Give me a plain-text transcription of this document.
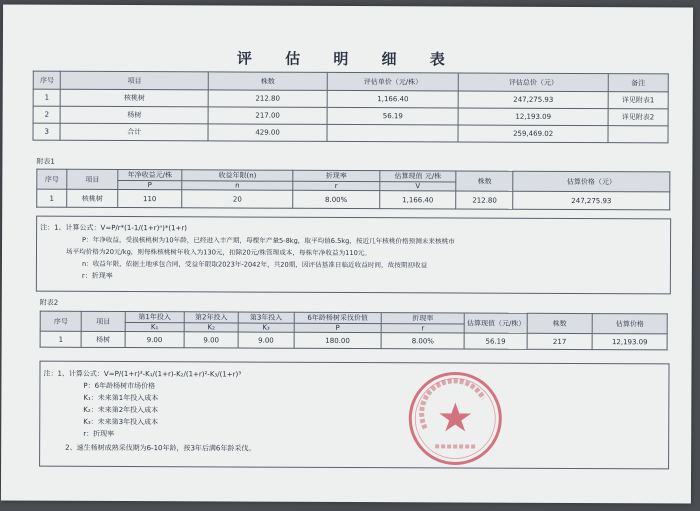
评 估 明 细 表
序号	项目	株数	评估单价（元/株）	评估总价（元）	备注
1	核桃树	212.80	1,166.40	247,275.93	详见附表1
2	杨树	217.00	56.19	12,193.09	详见附表2
3	合计	429.00		259,469.02	
附表1
序号	项目	年净收益元/株	收益年限(n)	折现率	估算现值 元/株	株数	估算价格（元）
		P	n	r	V		
1	核桃树	110	20	8.00%	1,166.40	212.80	247,275.93
注：1、计算公式：V=P/r*(1-1/(1+r)ⁿ)*(1+r)
P：年净收益，受损核桃树为10年龄，已经进入丰产期，每棵年产量5-8kg，取平均值6.5kg，按近几年核桃价格预测未来核桃市
场平均价格为20元/kg，则每株核桃树年收入为130元，扣除20元/株管理成本，每株年净收益为110元。
n：收益年限，依据土地承包合同，受益年限取2023年-2042年，共20期，因评估基准日临近收益时间，故按期初收益
r：折现率
附表2
序号	项目	第1年投入	第2年投入	第3年投入	6年龄杨树采伐价值	折现率	估算现值（元/株）	株数	估算价格
		K₁	K₂	K₃	P	r			
1	杨树	9.00	9.00	9.00	180.00	8.00%	56.19	217	12,193.09
注：1、计算公式：V=P/(1+r)³-K₁/(1+r)-K₂/(1+r)²-K₃/(1+r)³
P：6年龄杨树市场价格
K₁：未来第1年投入成本
K₂：未来第2年投入成本
K₃：未来第3年投入成本
r：折现率
2、速生杨树成熟采伐期为6-10年龄，按3年后满6年龄采伐。
